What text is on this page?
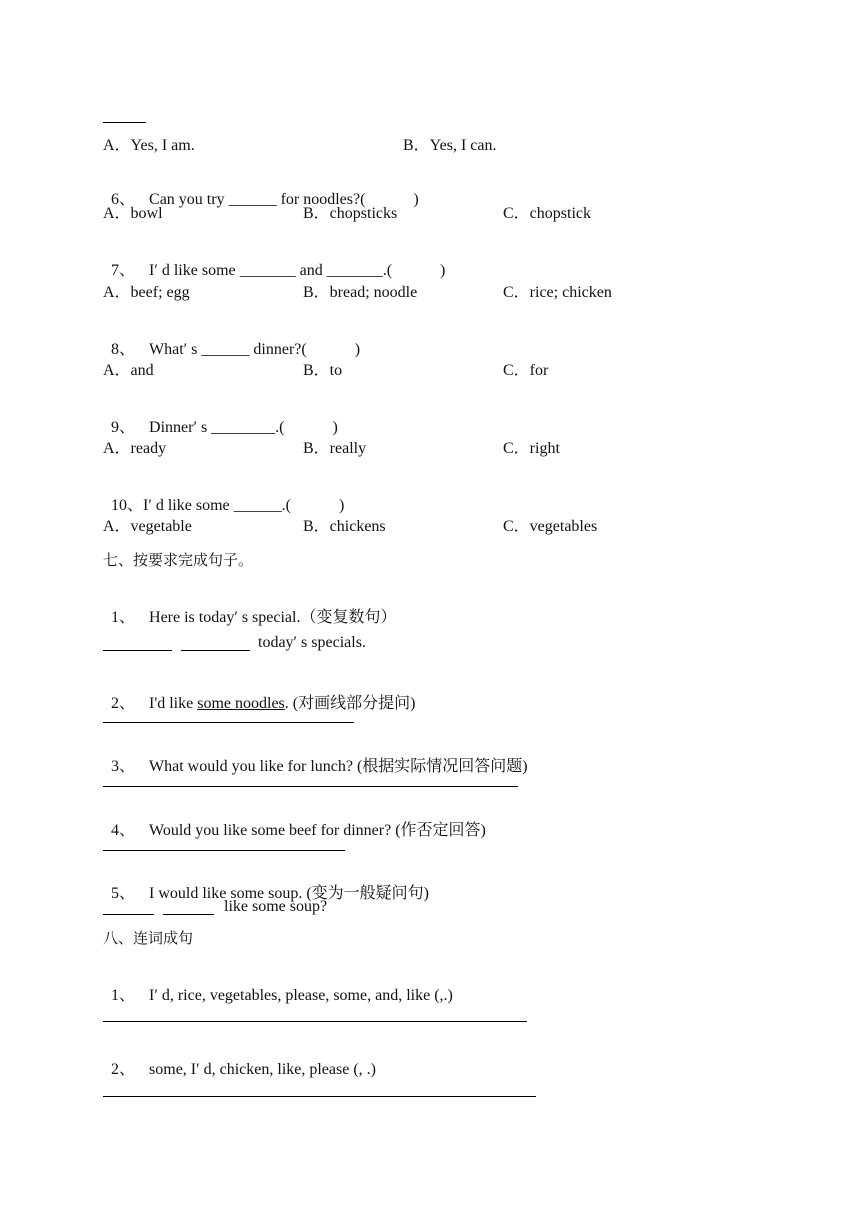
A．Yes, I am.	B．Yes, I can.

6、 Can you try ______ for noodles?(　　　)

A．bowl	B．chopsticks	C．chopstick

7、 I′ d like some _______ and _______.(　　　)

A．beef; egg	B．bread; noodle	C．rice; chicken

8、 What′ s ______ dinner?(　　　)

A．and	B．to	C．for

9、 Dinner′ s ________.(　　　)

A．ready	B．really	C．right

10、I′ d like some ______.(　　　)

A．vegetable	B．chickens	C．vegetables
七、按要求完成句子。

1、 Here is today′ s special.（变复数句）

today′ s specials.

2、 I'd like some noodles. (对画线部分提问)

3、 What would you like for lunch? (根据实际情况回答问题)

4、 Would you like some beef for dinner? (作否定回答)

5、 I would like some soup. (变为一般疑问句)

like some soup?
八、连词成句

1、 I′ d, rice, vegetables, please, some, and, like (,.)

2、 some, I′ d, chicken, like, please (, .)
